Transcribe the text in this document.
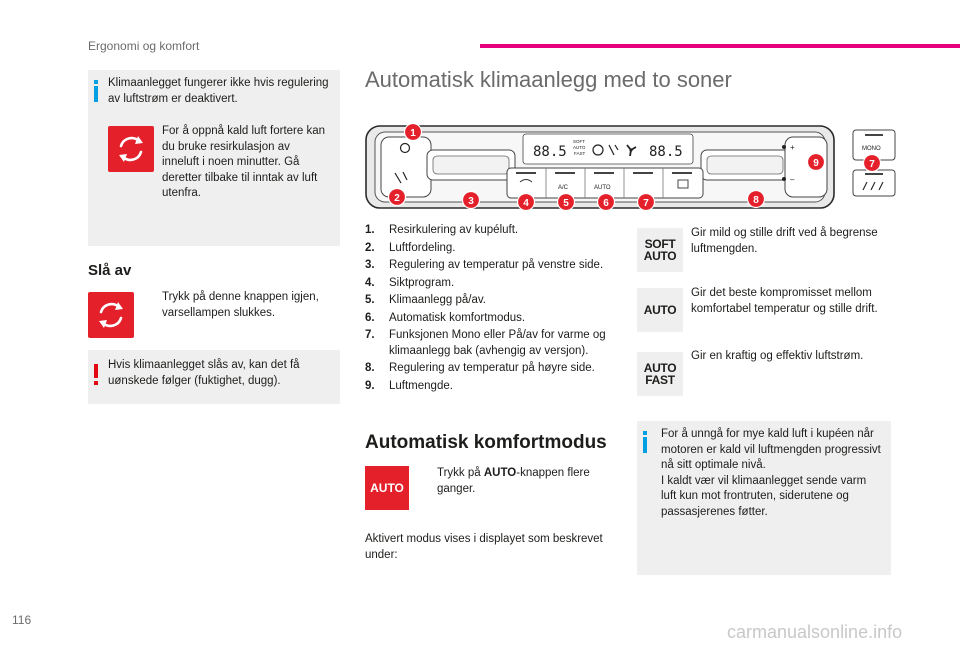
Ergonomi og komfort
Klimaanlegget fungerer ikke hvis regulering av luftstrøm er deaktivert.
For å oppnå kald luft fortere kan du bruke resirkulasjon av inneluft i noen minutter. Gå deretter tilbake til inntak av luft utenfra.
Slå av
Trykk på denne knappen igjen, varsellampen slukkes.
Hvis klimaanlegget slås av, kan det få uønskede følger (fuktighet, dugg).
Automatisk klimaanlegg med to soner
88.5
SOFT
AUTO
FAST	88.5
A/C	AUTO
+
–
MONO
1
2	3	4	5	6	7	8
9	7
1.	Resirkulering av kupéluft.
2.	Luftfordeling.
3.	Regulering av temperatur på venstre side.
4.	Siktprogram.
5.	Klimaanlegg på/av.
6.	Automatisk komfortmodus.
7.	Funksjonen Mono eller På/av for varme og klimaanlegg bak (avhengig av versjon).
8.	Regulering av temperatur på høyre side.
9.	Luftmengde.
Automatisk komfortmodus
AUTO
Trykk på AUTO-knappen flere ganger.
Aktivert modus vises i displayet som beskrevet under:
SOFT
AUTO
Gir mild og stille drift ved å begrense luftmengden.
AUTO
Gir det beste kompromisset mellom komfortabel temperatur og stille drift.
AUTO
FAST
Gir en kraftig og effektiv luftstrøm.
For å unngå for mye kald luft i kupéen når motoren er kald vil luftmengden progressivt nå sitt optimale nivå.
I kaldt vær vil klimaanlegget sende varm luft kun mot frontruten, siderutene og passasjerenes føtter.
116
carmanualsonline.info
